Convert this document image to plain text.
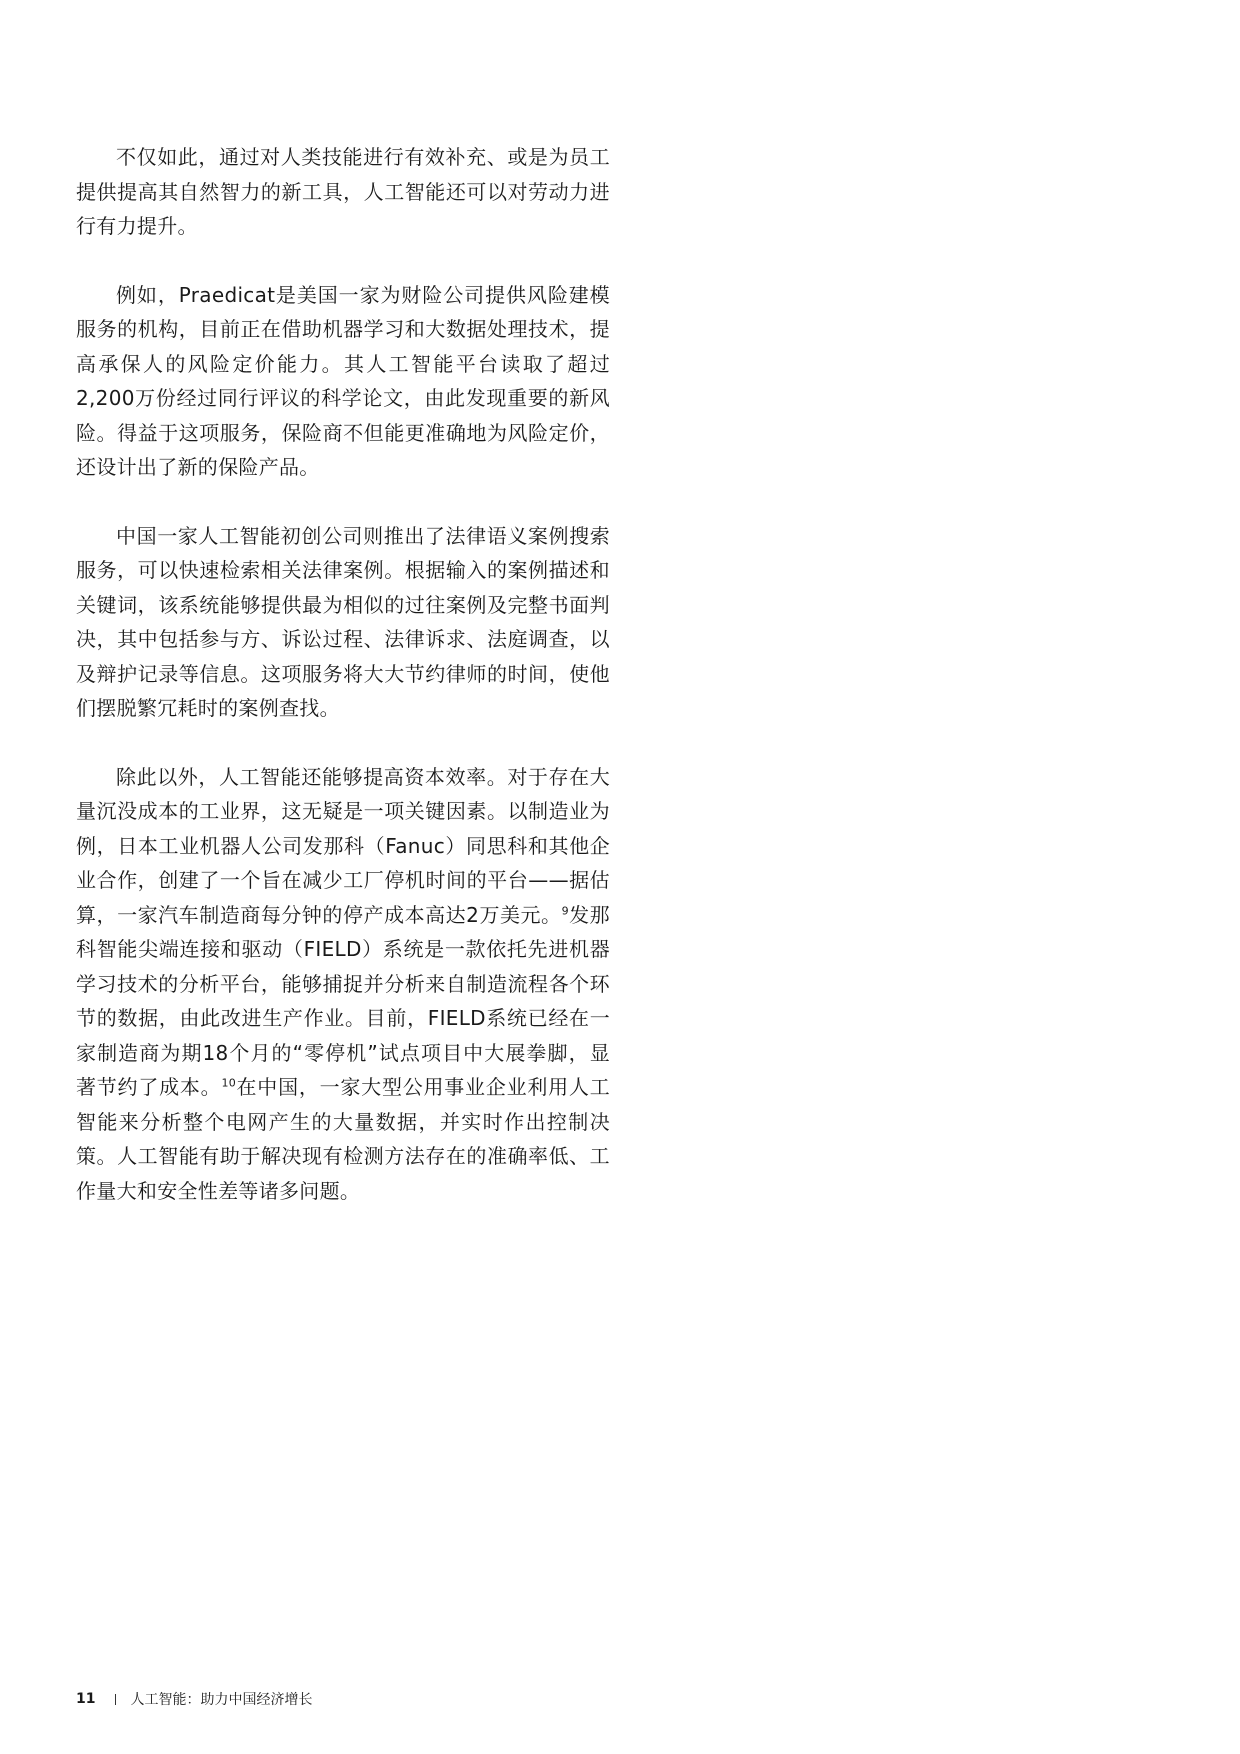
不仅如此，通过对人类技能进行有效补充、或是为员工提供提高其自然智力的新工具，人工智能还可以对劳动力进行有力提升。

例如，Praedicat是美国一家为财险公司提供风险建模服务的机构，目前正在借助机器学习和大数据处理技术，提高承保人的风险定价能力。其人工智能平台读取了超过2,200万份经过同行评议的科学论文，由此发现重要的新风险。得益于这项服务，保险商不但能更准确地为风险定价，还设计出了新的保险产品。

中国一家人工智能初创公司则推出了法律语义案例搜索服务，可以快速检索相关法律案例。根据输入的案例描述和关键词，该系统能够提供最为相似的过往案例及完整书面判决，其中包括参与方、诉讼过程、法律诉求、法庭调查，以及辩护记录等信息。这项服务将大大节约律师的时间，使他们摆脱繁冗耗时的案例查找。

除此以外，人工智能还能够提高资本效率。对于存在大量沉没成本的工业界，这无疑是一项关键因素。以制造业为例，日本工业机器人公司发那科（Fanuc）同思科和其他企业合作，创建了一个旨在减少工厂停机时间的平台——据估算，一家汽车制造商每分钟的停产成本高达2万美元。$^9$发那科智能尖端连接和驱动（FIELD）系统是一款依托先进机器学习技术的分析平台，能够捕捉并分析来自制造流程各个环节的数据，由此改进生产作业。目前，FIELD系统已经在一家制造商为期18个月的“零停机”试点项目中大展拳脚，显著节约了成本。$^{10}$在中国，一家大型公用事业企业利用人工智能来分析整个电网产生的大量数据，并实时作出控制决策。人工智能有助于解决现有检测方法存在的准确率低、工作量大和安全性差等诸多问题。

11	人工智能：助力中国经济增长
